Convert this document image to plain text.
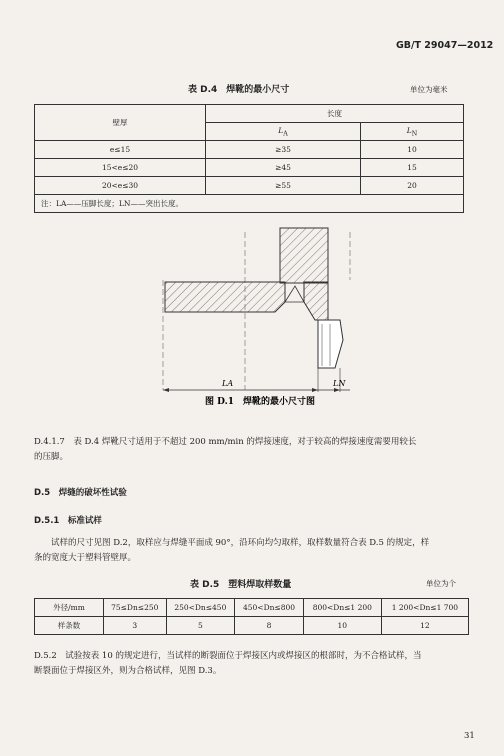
GB/T 29047—2012
表 D.4　焊靴的最小尺寸	单位为毫米
壁厚	长度	
	$L_A$	$L_N$
e≤15	≥35	10
15<e≤20	≥45	15
20<e≤30	≥55	20
注：LA——压脚长度；LN——突出长度。		
LA	LN
图 D.1　焊靴的最小尺寸图
D.4.1.7　表 D.4 焊靴尺寸适用于不超过 200 mm/min 的焊接速度，对于较高的焊接速度需要用较长
的压脚。
D.5　焊缝的破坏性试验
D.5.1　标准试样
试样的尺寸见图 D.2，取样应与焊缝平面成 90°，沿环向均匀取样，取样数量符合表 D.5 的规定，样
条的宽度大于塑料管壁厚。
表 D.5　塑料焊取样数量	单位为个
外径/mm	75≤Dn≤250	250<Dn≤450	450<Dn≤800	800<Dn≤1 200	1 200<Dn≤1 700
样条数	3	5	8	10	12
D.5.2　试验按表 10 的规定进行，当试样的断裂面位于焊接区内或焊接区的根部时，为不合格试样，当
断裂面位于焊接区外，则为合格试样，见图 D.3。
31
